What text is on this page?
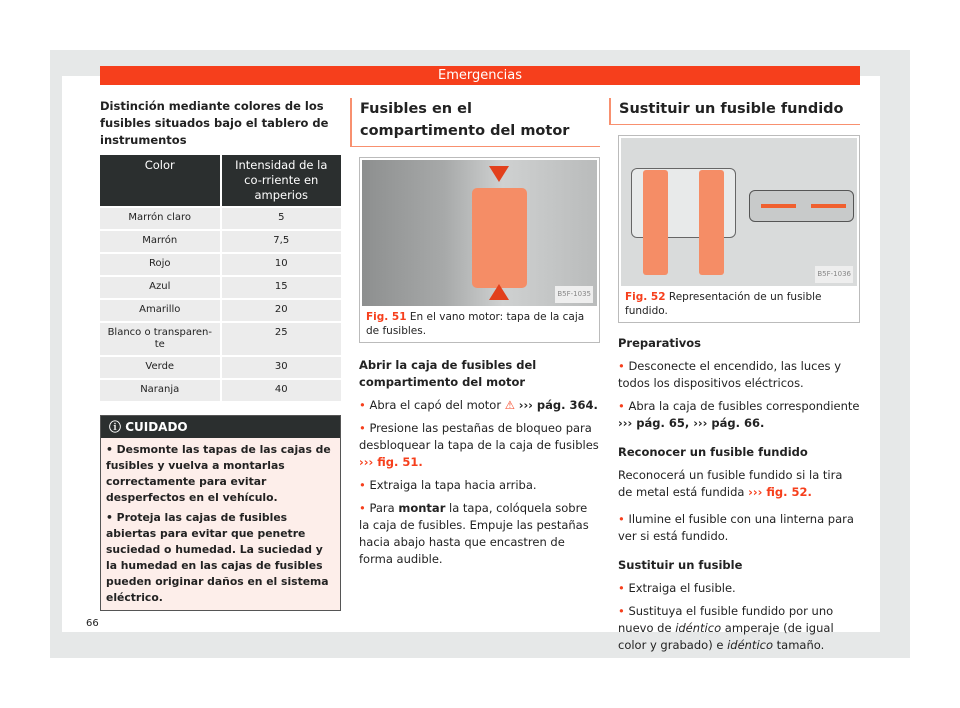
Emergencias
Distinción mediante colores de los fusibles situados bajo el tablero de instrumentos
Color	Intensidad de la co-rriente en amperios
Marrón claro	5
Marrón	7,5
Rojo	10
Azul	15
Amarillo	20
Blanco o transparen-te	25
Verde	30
Naranja	40
ⓘ CUIDADO

• Desmonte las tapas de las cajas de fusibles y vuelva a montarlas correctamente para evitar desperfectos en el vehículo.

• Proteja las cajas de fusibles abiertas para evitar que penetre suciedad o humedad. La suciedad y la humedad en las cajas de fusibles pueden originar daños en el sistema eléctrico.

66
Fusibles en el compartimento del motor
B5F-1035
Fig. 51 En el vano motor: tapa de la caja de fusibles.
Abrir la caja de fusibles del compartimento del motor

• Abra el capó del motor ⚠ ››› pág. 364.

• Presione las pestañas de bloqueo para desbloquear la tapa de la caja de fusibles ››› fig. 51.

• Extraiga la tapa hacia arriba.

• Para montar la tapa, colóquela sobre la caja de fusibles. Empuje las pestañas hacia abajo hasta que encastren de forma audible.

Sustituir un fusible fundido
B5F-1036
Fig. 52 Representación de un fusible fundido.
Preparativos

• Desconecte el encendido, las luces y todos los dispositivos eléctricos.

• Abra la caja de fusibles correspondiente ››› pág. 65, ››› pág. 66.

Reconocer un fusible fundido

Reconocerá un fusible fundido si la tira de metal está fundida ››› fig. 52.

• Ilumine el fusible con una linterna para ver si está fundido.

Sustituir un fusible

• Extraiga el fusible.

• Sustituya el fusible fundido por uno nuevo de idéntico amperaje (de igual color y grabado) e idéntico tamaño.
